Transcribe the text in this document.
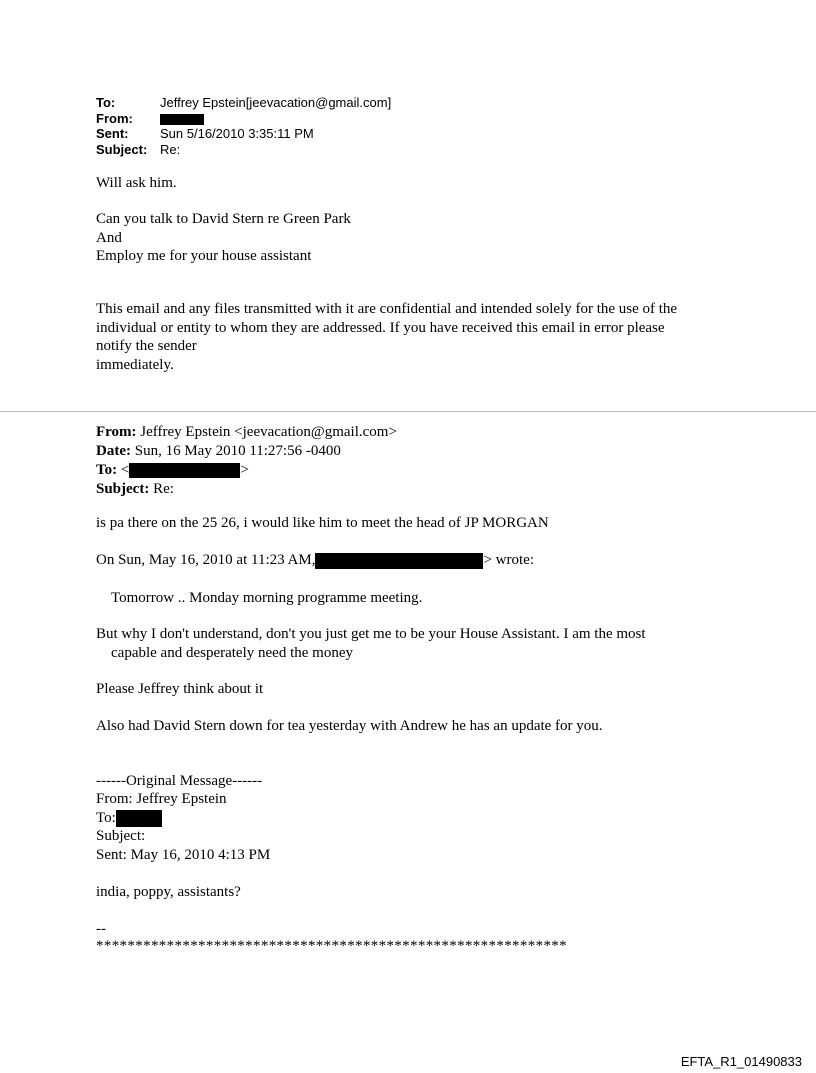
To:	Jeffrey Epstein[jeevacation@gmail.com]
From:
Sent: Sun 5/16/2010 3:35:11 PM
Subject: Re:

Will ask him.

Can you talk to David Stern re Green Park

And

Employ me for your house assistant

This email and any files transmitted with it are confidential and intended solely for the use of the

individual or entity to whom they are addressed. If you have received this email in error please

notify the sender

immediately.

From: Jeffrey Epstein <jeevacation@gmail.com>
Date: Sun, 16 May 2010 11:27:56 -0400
To: <	>
Subject: Re:

is pa there on the 25 26, i would like him to meet the head of JP MORGAN

On Sun, May 16, 2010 at 11:23 AM,	> wrote:

Tomorrow .. Monday morning programme meeting.

But why I don't understand, don't you just get me to be your House Assistant. I am the most

capable and desperately need the money

Please Jeffrey think about it

Also had David Stern down for tea yesterday with Andrew he has an update for you.

------Original Message------

From: Jeffrey Epstein

To:

Subject:

Sent: May 16, 2010 4:13 PM

india, poppy, assistants?

--

************************************************************

EFTA_R1_01490833
